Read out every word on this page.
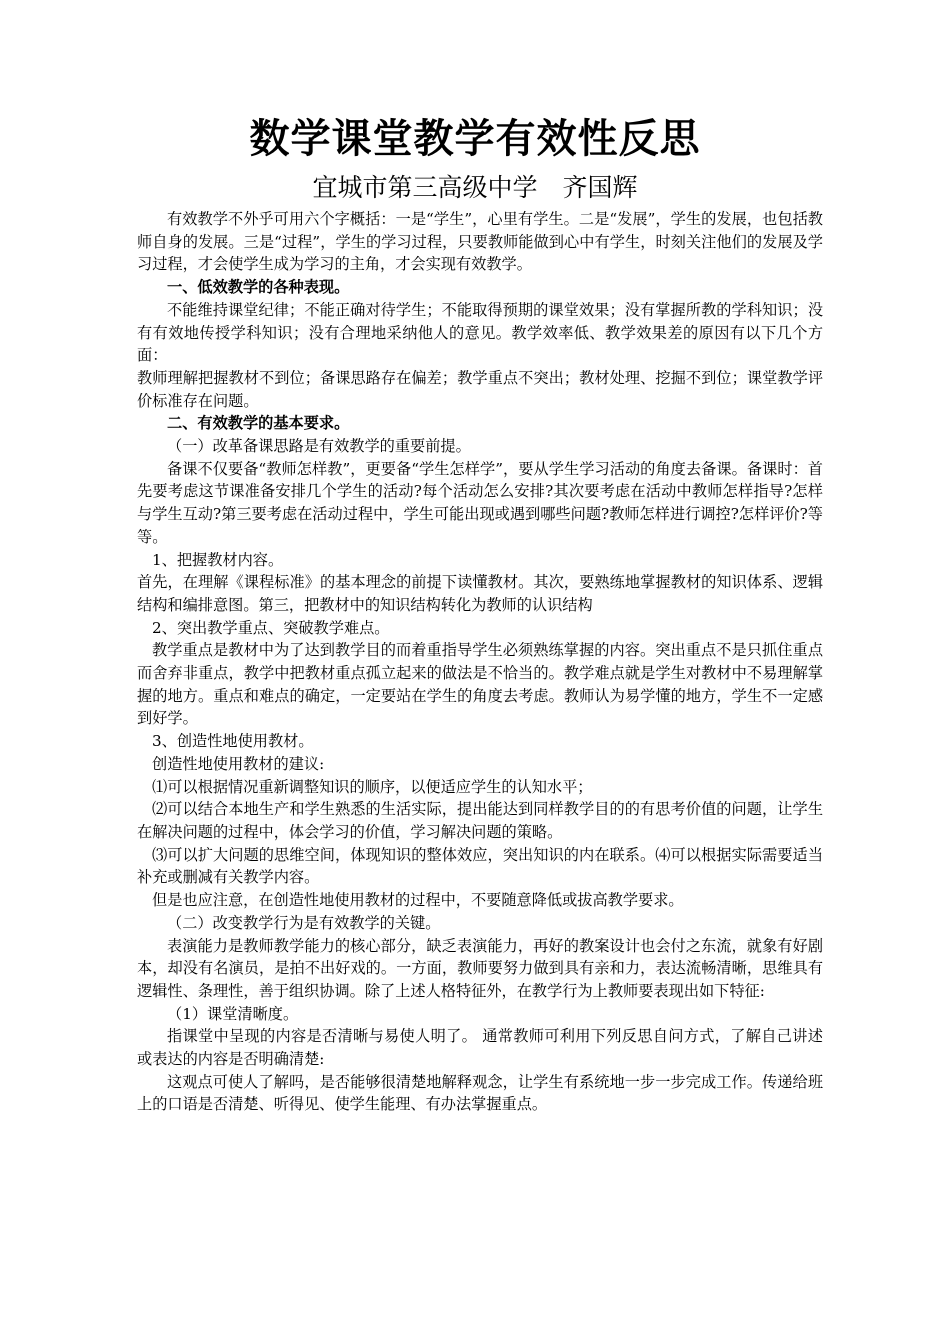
数学课堂教学有效性反思
宜城市第三高级中学　齐国辉

有效教学不外乎可用六个字概括：一是“学生”，心里有学生。二是“发展”，学生的发展，也包括教师自身的发展。三是“过程”，学生的学习过程，只要教师能做到心中有学生，时刻关注他们的发展及学习过程，才会使学生成为学习的主角，才会实现有效教学。

一、低效教学的各种表现。

不能维持课堂纪律；不能正确对待学生；不能取得预期的课堂效果；没有掌握所教的学科知识；没有有效地传授学科知识；没有合理地采纳他人的意见。教学效率低、教学效果差的原因有以下几个方面：

教师理解把握教材不到位；备课思路存在偏差；教学重点不突出；教材处理、挖掘不到位；课堂教学评价标准存在问题。

二、有效教学的基本要求。

（一）改革备课思路是有效教学的重要前提。

备课不仅要备“教师怎样教”，更要备“学生怎样学”，要从学生学习活动的角度去备课。备课时：首先要考虑这节课准备安排几个学生的活动?每个活动怎么安排?其次要考虑在活动中教师怎样指导?怎样与学生互动?第三要考虑在活动过程中，学生可能出现或遇到哪些问题?教师怎样进行调控?怎样评价?等等。

1、把握教材内容。

首先，在理解《课程标准》的基本理念的前提下读懂教材。其次，要熟练地掌握教材的知识体系、逻辑结构和编排意图。第三，把教材中的知识结构转化为教师的认识结构

2、突出教学重点、突破教学难点。

教学重点是教材中为了达到教学目的而着重指导学生必须熟练掌握的内容。突出重点不是只抓住重点而舍弃非重点，教学中把教材重点孤立起来的做法是不恰当的。教学难点就是学生对教材中不易理解掌握的地方。重点和难点的确定，一定要站在学生的角度去考虑。教师认为易学懂的地方，学生不一定感到好学。

3、创造性地使用教材。

创造性地使用教材的建议:

⑴可以根据情况重新调整知识的顺序，以便适应学生的认知水平；

⑵可以结合本地生产和学生熟悉的生活实际，提出能达到同样教学目的的有思考价值的问题，让学生在解决问题的过程中，体会学习的价值，学习解决问题的策略。

⑶可以扩大问题的思维空间，体现知识的整体效应，突出知识的内在联系。⑷可以根据实际需要适当补充或删减有关教学内容。

但是也应注意，在创造性地使用教材的过程中，不要随意降低或拔高教学要求。

（二）改变教学行为是有效教学的关键。

表演能力是教师教学能力的核心部分，缺乏表演能力，再好的教案设计也会付之东流，就象有好剧本，却没有名演员，是拍不出好戏的。一方面，教师要努力做到具有亲和力，表达流畅清晰，思维具有逻辑性、条理性，善于组织协调。除了上述人格特征外，在教学行为上教师要表现出如下特征:

（1）课堂清晰度。

指课堂中呈现的内容是否清晰与易使人明了。 通常教师可利用下列反思自问方式，了解自己讲述或表达的内容是否明确清楚:

这观点可使人了解吗，是否能够很清楚地解释观念，让学生有系统地一步一步完成工作。传递给班上的口语是否清楚、听得见、使学生能理、有办法掌握重点。
